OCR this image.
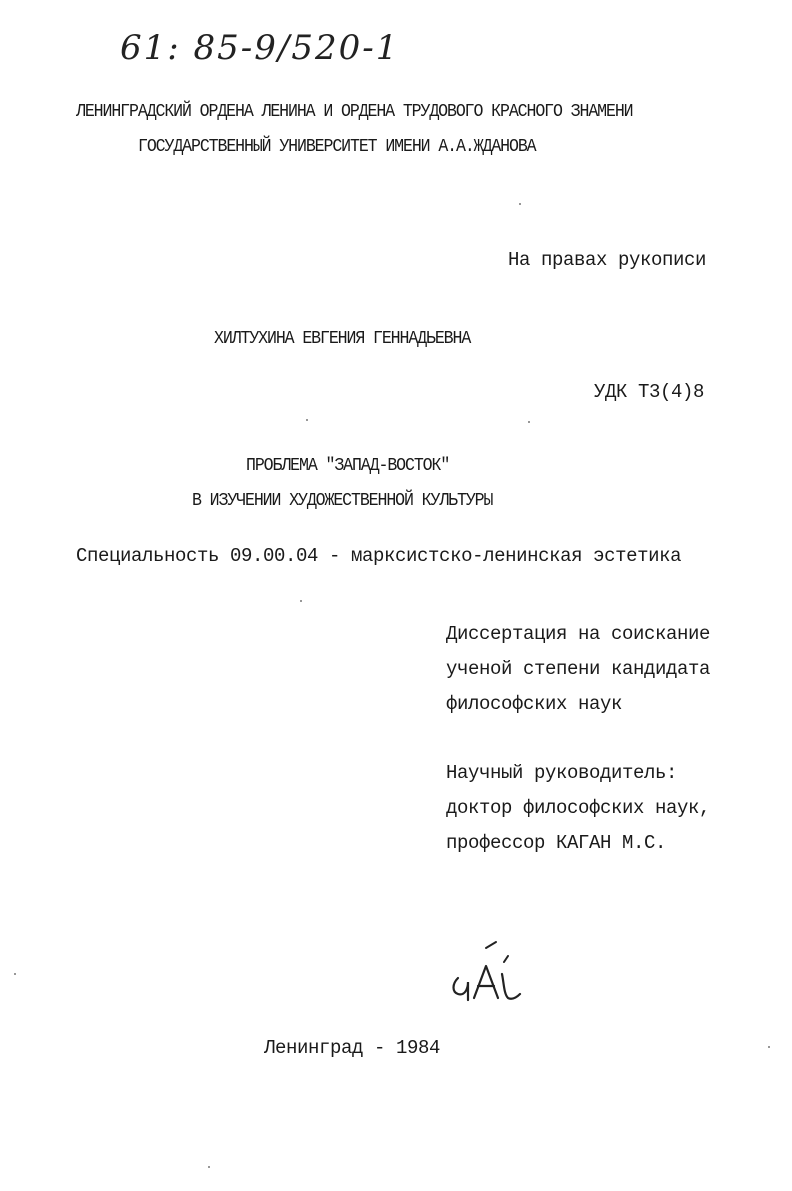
61: 85-9/520-1
ЛЕНИНГРАДСКИЙ ОРДЕНА ЛЕНИНА И ОРДЕНА ТРУДОВОГО КРАСНОГО ЗНАМЕНИ
ГОСУДАРСТВЕННЫЙ УНИВЕРСИТЕТ ИМЕНИ А.А.ЖДАНОВА
На правах рукописи
ХИЛТУХИНА ЕВГЕНИЯ ГЕННАДЬЕВНА
УДК Т3(4)8
ПРОБЛЕМА "ЗАПАД-ВОСТОК"
В ИЗУЧЕНИИ ХУДОЖЕСТВЕННОЙ КУЛЬТУРЫ
Специальность 09.00.04 - марксистско-ленинская эстетика
Диссертация на соискание
ученой степени кандидата
философских наук
Научный руководитель:
доктор философских наук,
профессор КАГАН М.С.
Ленинград - 1984
